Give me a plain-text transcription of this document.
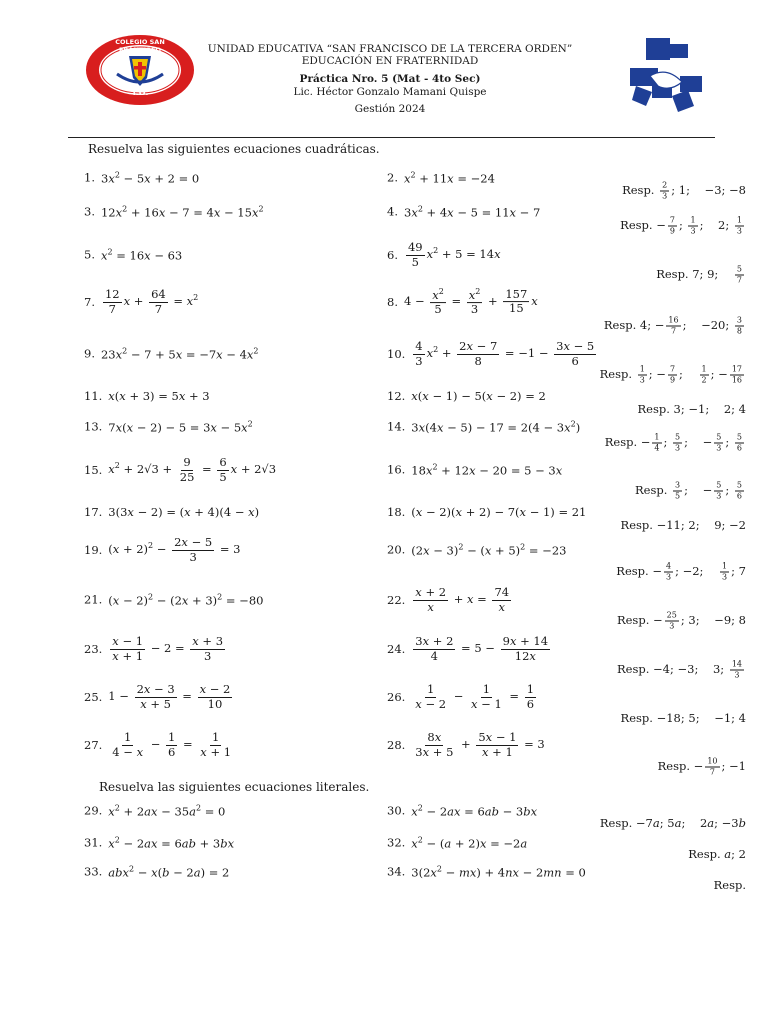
COLEGIO SAN FRANCISCO
T.O.
UNIDAD EDUCATIVA “SAN FRANCISCO DE LA TERCERA ORDEN”
EDUCACIÓN EN FRATERNIDAD
Práctica Nro. 5 (Mat - 4to Sec)
Lic. Héctor Gonzalo Mamani Quispe
Gestión 2024
Resuelva las siguientes ecuaciones cuadráticas.
Resuelva las siguientes ecuaciones literales.
1. $3x^2 - 5x + 2 = 0$	2. $x^2 + 11x = -24$
3. $12x^2 + 16x - 7 = 4x - 15x^2$	4. $3x^2 + 4x - 5 = 11x - 7$
5. $x^2 = 16x - 63$	6. $\frac{49}{5} x^2 + 5 = 14x$
7. $\frac{12}{7}$ $x + \frac{64}{7} = x^2$	8. $4 - \frac{x^2}{5} = \frac{x^2}{3} + \frac{157}{15}$ x
9. $23x^2 - 7 + 5x = -7x - 4x^2$	10. $\frac{4}{3} x^2 + \frac{2x - 7}{8} = -1 - \frac{3x - 5}{6}$
11. x(x + 3) = 5x + 3	12. x(x − 1) − 5(x − 2) = 2
13. $7x(x - 2) - 5 = 3x - 5x^2$	14. $3x(4x - 5) - 17 = 2(4 - 3x^2)$
15. $x^2 + 2√3 + \frac{9}{25} = \frac{6}{5}$ x + 2√3	16. $18x^2 + 12x - 20 = 5 - 3x$
17. 3(3x − 2) = (x + 4)(4 − x)	18. (x − 2)(x + 2) − 7(x − 1) = 21
19. $(x + 2)^2 - \frac{2x - 5}{3} = 3$	20. $(2x - 3)^2 - (x + 5)^2 = -23$
21. $(x - 2)^2 - (2x + 3)^2 = -80$	22. $\frac{x + 2}{x} + x = \frac{74}{x}$
23. $\frac{x - 1}{x + 1} - 2 = \frac{x + 3}{3}$	24. $\frac{3x + 2}{4} = 5 - \frac{9x + 14}{12x}$
25. $1 - \frac{2x - 3}{x + 5} = \frac{x - 2}{10}$	26. $\frac{1}{x - 2} - \frac{1}{x - 1} = \frac{1}{6}$
27. $\frac{1}{4 - x} - \frac{1}{6} = \frac{1}{x + 1}$	28. $\frac{8x}{3x + 5} + \frac{5x - 1}{x + 1} = 3$
29. $x^2 + 2ax - 35a^2 = 0$	30. $x^2 - 2ax = 6ab - 3bx$
31. $x^2 - 2ax = 6ab + 3bx$	32. $x^2 - (a + 2)x = -2a$
33. abx$^2$ − x(b − 2a) = 2	34. $3(2x^2 - mx) + 4nx - 2mn = 0$
Resp. $\frac{2}{3}$ ; 1;    −3; −8
Resp. − $\frac{7}{9}$ ; $\frac{1}{3}$ ;    2; $\frac{1}{3}$
Resp. 7; 9; $\frac{5}{7}$
Resp. 4; − $\frac{16}{7}$ ;    −20; $\frac{3}{8}$
Resp. $\frac{1}{3}$ ; − $\frac{7}{9}$ ; $\frac{1}{2}$ ; − $\frac{17}{16}$
Resp. 3; −1;    2; 4
Resp. − $\frac{1}{4}$ ; $\frac{5}{3}$ ;    − $\frac{5}{3}$ ; $\frac{5}{6}$
Resp. $\frac{3}{5}$ ;    − $\frac{5}{3}$ ; $\frac{5}{6}$
Resp. −11; 2;    9; −2
Resp. − $\frac{4}{3}$ ; −2; $\frac{1}{3}$ ; 7
Resp. − $\frac{25}{3}$ ; 3;    −9; 8
Resp. −4; −3;    3; $\frac{14}{3}$
Resp. −18; 5;    −1; 4
Resp. − $\frac{10}{7}$ ; −1
Resp. −7a; 5a;    2a; −3b
Resp. a; 2
Resp.
